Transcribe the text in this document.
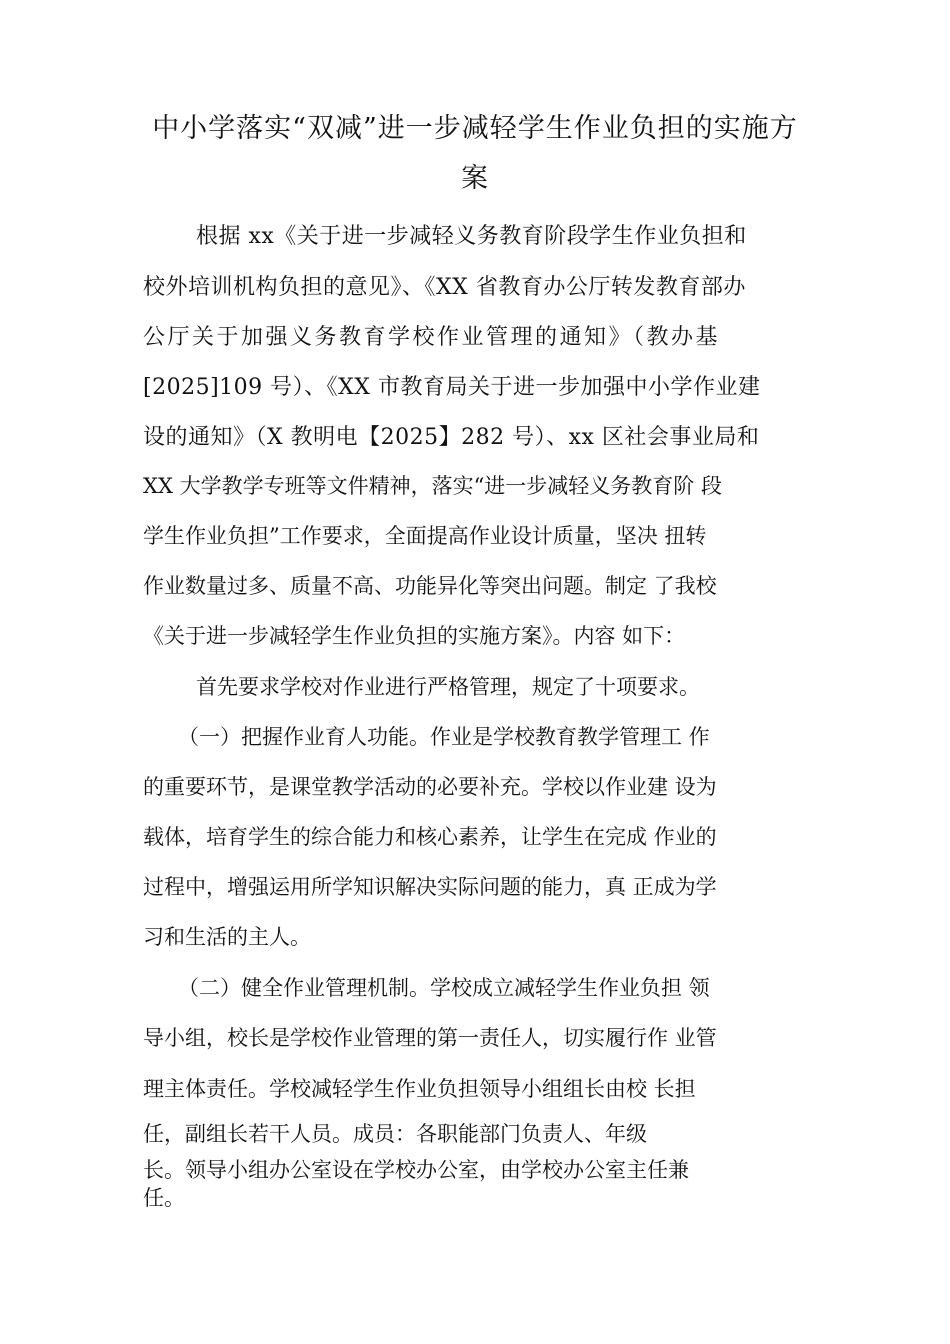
中小学落实“双减”进一步减轻学生作业负担的实施方
案
根据 xx《关于进一步减轻义务教育阶段学生作业负担和
校外培训机构负担的意见》、《XX 省教育办公厅转发教育部办
公厅关于加强义务教育学校作业管理的通知》（教办基
[2025]109 号）、《XX 市教育局关于进一步加强中小学作业建
设的通知》（X 教明电【2025】282 号）、xx 区社会事业局和
XX 大学教学专班等文件精神，落实“进一步减轻义务教育阶 段
学生作业负担”工作要求，全面提高作业设计质量，坚决 扭转
作业数量过多、质量不高、功能异化等突出问题。制定 了我校
《关于进一步减轻学生作业负担的实施方案》。内容 如下：
首先要求学校对作业进行严格管理，规定了十项要求。
（一）把握作业育人功能。作业是学校教育教学管理工 作
的重要环节，是课堂教学活动的必要补充。学校以作业建 设为
载体，培育学生的综合能力和核心素养，让学生在完成 作业的
过程中，增强运用所学知识解决实际问题的能力，真 正成为学
习和生活的主人。
（二）健全作业管理机制。学校成立减轻学生作业负担 领
导小组，校长是学校作业管理的第一责任人，切实履行作 业管
理主体责任。学校减轻学生作业负担领导小组组长由校 长担
任，副组长若干人员。成员：各职能部门负责人、年级
长。领导小组办公室设在学校办公室，由学校办公室主任兼
任。
